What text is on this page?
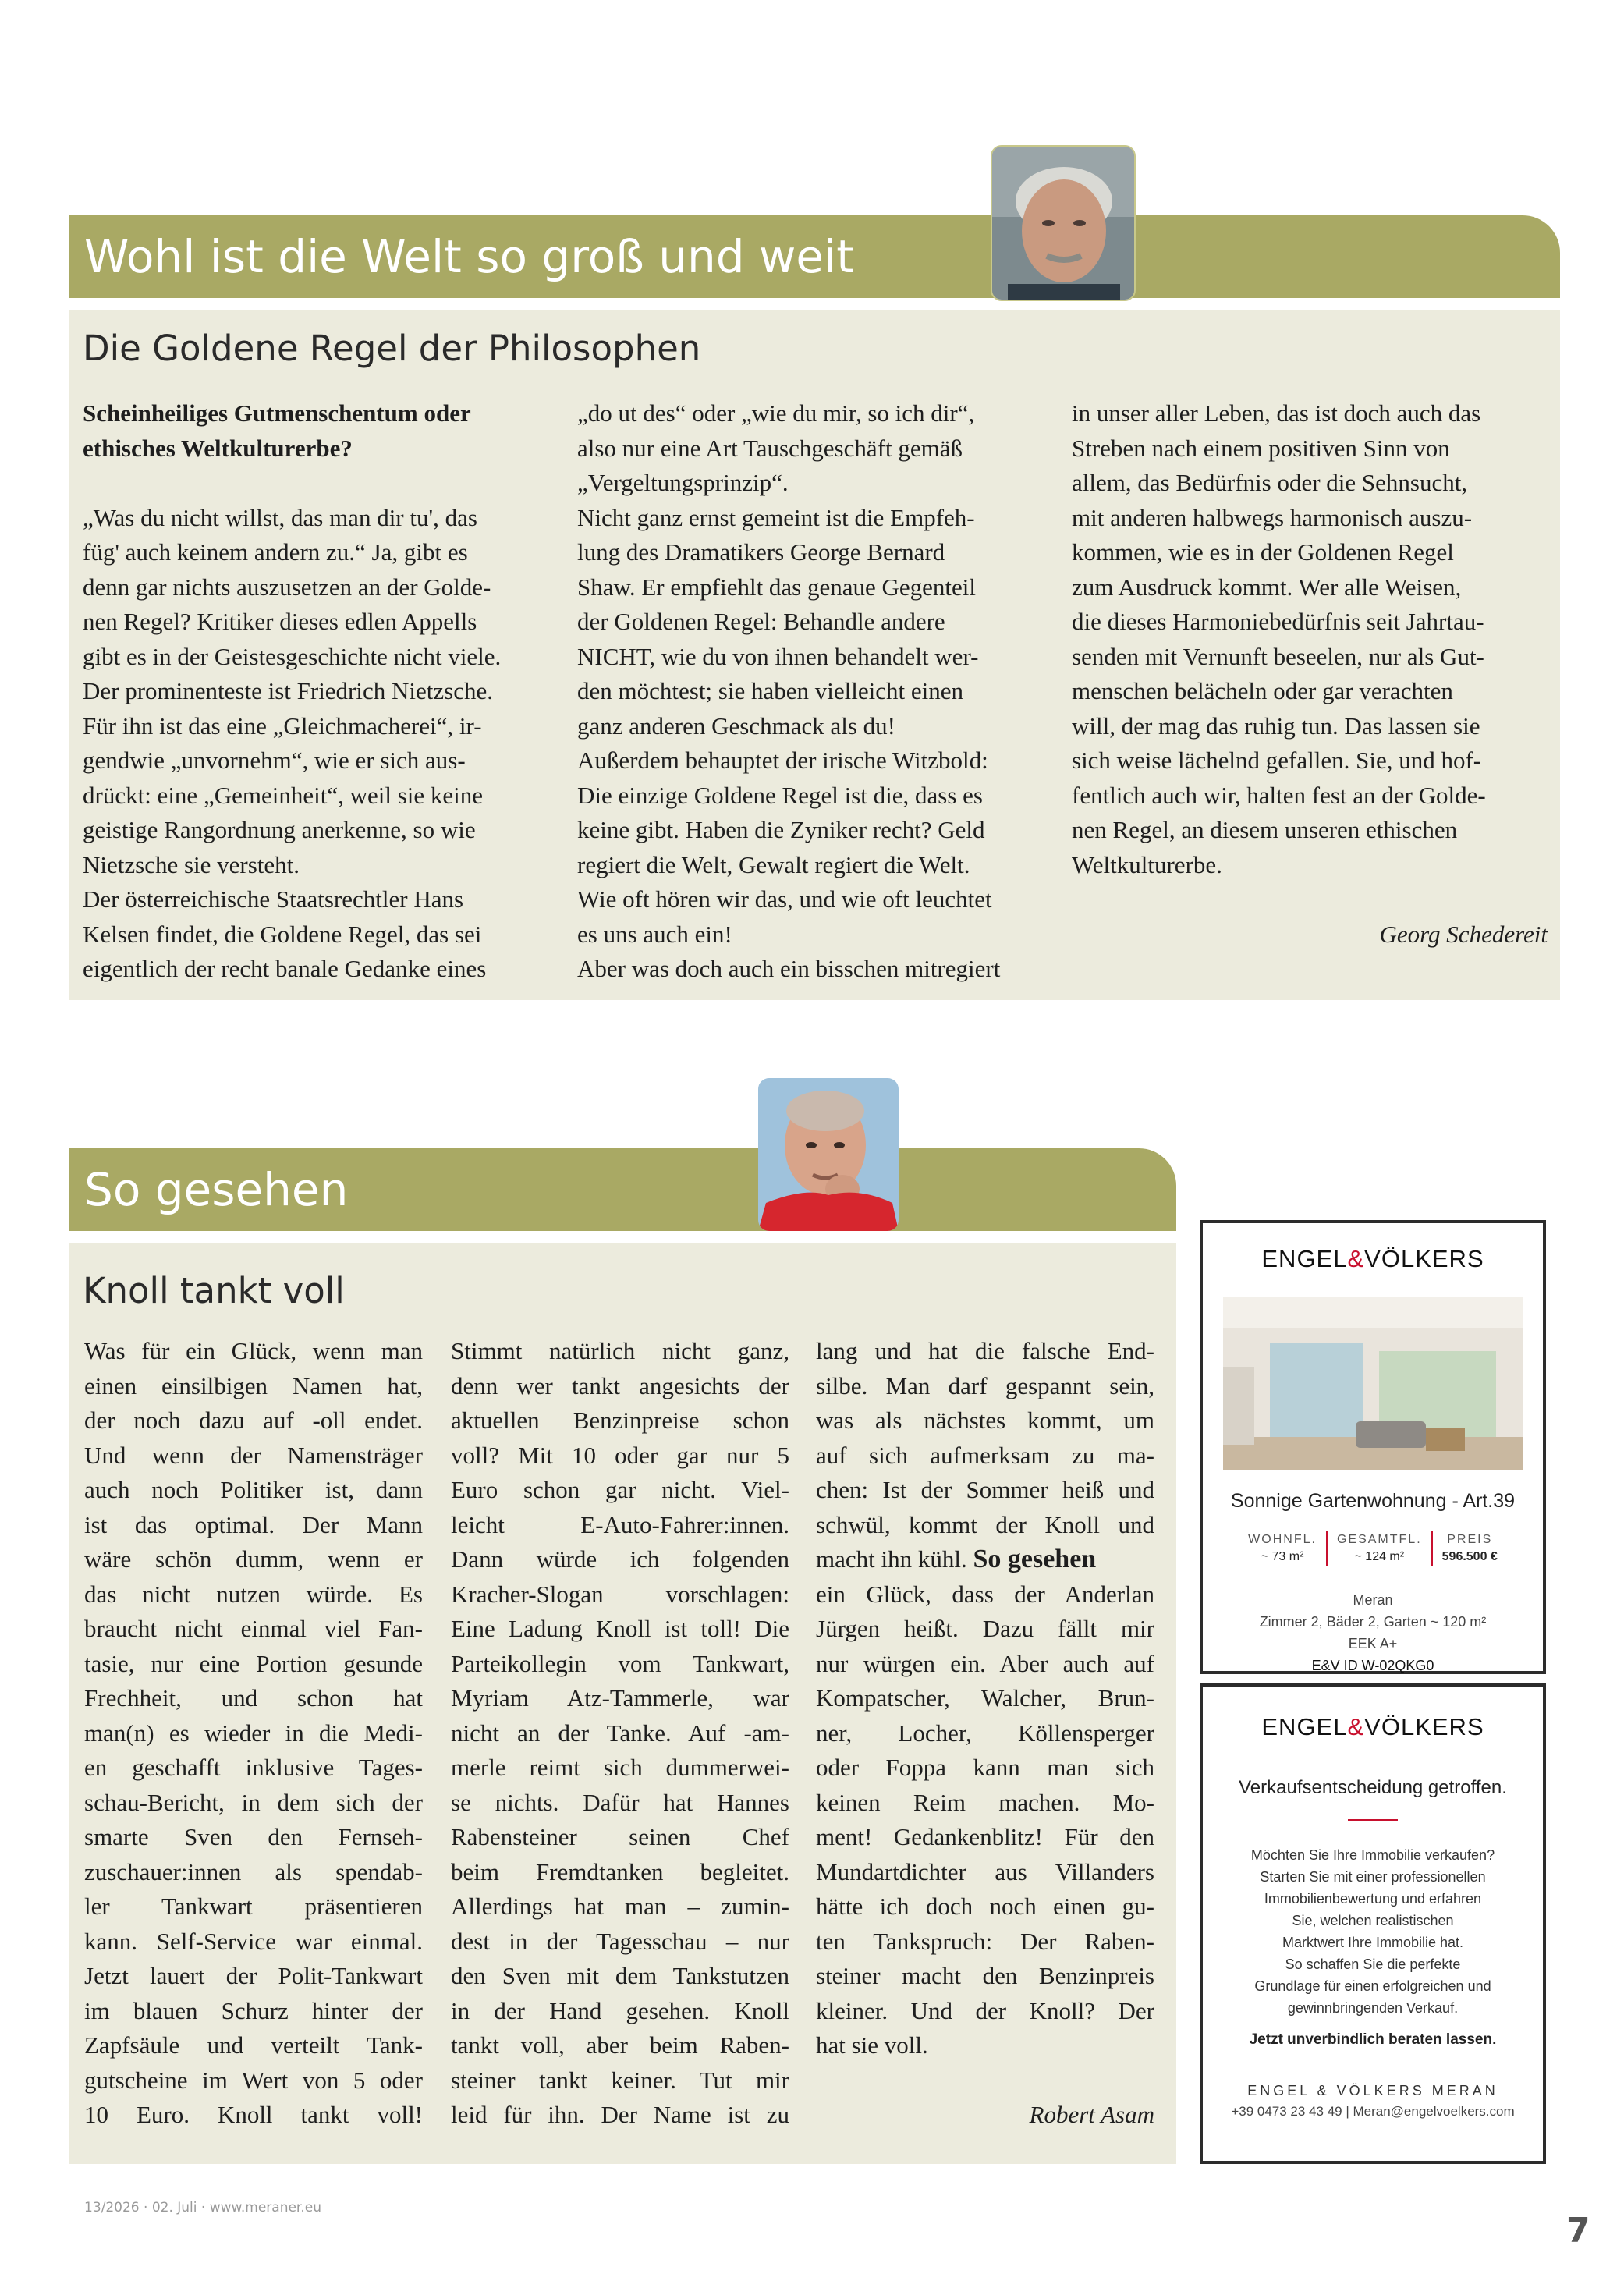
Wohl ist die Welt so groß und weit
Die Goldene Regel der Philosophen

Scheinheiliges Gutmenschentum oder ethisches Weltkulturerbe?

„Was du nicht willst, das man dir tu', das

füg' auch keinem andern zu.“ Ja, gibt es

denn gar nichts auszusetzen an der Golde-

nen Regel? Kritiker dieses edlen Appells

gibt es in der Geistesgeschichte nicht viele.

Der prominenteste ist Friedrich Nietzsche.

Für ihn ist das eine „Gleichmacherei“, ir-

gendwie „unvornehm“, wie er sich aus-

drückt: eine „Gemeinheit“, weil sie keine

geistige Rangordnung anerkenne, so wie

Nietzsche sie versteht.

Der österreichische Staatsrechtler Hans

Kelsen findet, die Goldene Regel, das sei

eigentlich der recht banale Gedanke eines

„do ut des“ oder „wie du mir, so ich dir“,

also nur eine Art Tauschgeschäft gemäß

„Vergeltungsprinzip“.

Nicht ganz ernst gemeint ist die Empfeh-

lung des Dramatikers George Bernard

Shaw. Er empfiehlt das genaue Gegenteil

der Goldenen Regel: Behandle andere

NICHT, wie du von ihnen behandelt wer-

den möchtest; sie haben vielleicht einen

ganz anderen Geschmack als du!

Außerdem behauptet der irische Witzbold:

Die einzige Goldene Regel ist die, dass es

keine gibt. Haben die Zyniker recht? Geld

regiert die Welt, Gewalt regiert die Welt.

Wie oft hören wir das, und wie oft leuchtet

es uns auch ein!

Aber was doch auch ein bisschen mitregiert

in unser aller Leben, das ist doch auch das

Streben nach einem positiven Sinn von

allem, das Bedürfnis oder die Sehnsucht,

mit anderen halbwegs harmonisch auszu-

kommen, wie es in der Goldenen Regel

zum Ausdruck kommt. Wer alle Weisen,

die dieses Harmoniebedürfnis seit Jahrtau-

senden mit Vernunft beseelen, nur als Gut-

menschen belächeln oder gar verachten

will, der mag das ruhig tun. Das lassen sie

sich weise lächelnd gefallen. Sie, und hof-

fentlich auch wir, halten fest an der Golde-

nen Regel, an diesem unseren ethischen

Weltkulturerbe.

Georg Schedereit

So gesehen
Knoll tankt voll

Was für ein Glück, wenn man

einen einsilbigen Namen hat,

der noch dazu auf -oll endet.

Und wenn der Namensträger

auch noch Politiker ist, dann

ist das optimal. Der Mann

wäre schön dumm, wenn er

das nicht nutzen würde. Es

braucht nicht einmal viel Fan-

tasie, nur eine Portion gesunde

Frechheit, und schon hat

man(n) es wieder in die Medi-

en geschafft inklusive Tages-

schau-Bericht, in dem sich der

smarte Sven den Fernseh-

zuschauer:innen als spendab-

ler Tankwart präsentieren

kann. Self-Service war einmal.

Jetzt lauert der Polit-Tankwart

im blauen Schurz hinter der

Zapfsäule und verteilt Tank-

gutscheine im Wert von 5 oder

10 Euro. Knoll tankt voll!

Stimmt natürlich nicht ganz,

denn wer tankt angesichts der

aktuellen Benzinpreise schon

voll? Mit 10 oder gar nur 5

Euro schon gar nicht. Viel-

leicht E-Auto-Fahrer:innen.

Dann würde ich folgenden

Kracher-Slogan vorschlagen:

Eine Ladung Knoll ist toll! Die

Parteikollegin vom Tankwart,

Myriam Atz-Tammerle, war

nicht an der Tanke. Auf -am-

merle reimt sich dummerwei-

se nichts. Dafür hat Hannes

Rabensteiner seinen Chef

beim Fremdtanken begleitet.

Allerdings hat man – zumin-

dest in der Tagesschau – nur

den Sven mit dem Tankstutzen

in der Hand gesehen. Knoll

tankt voll, aber beim Raben-

steiner tankt keiner. Tut mir

leid für ihn. Der Name ist zu

lang und hat die falsche End-

silbe. Man darf gespannt sein,

was als nächstes kommt, um

auf sich aufmerksam zu ma-

chen: Ist der Sommer heiß und

schwül, kommt der Knoll und

macht ihn kühl. So gesehen

ein Glück, dass der Anderlan

Jürgen heißt. Dazu fällt mir

nur würgen ein. Aber auch auf

Kompatscher, Walcher, Brun-

ner, Locher, Köllensperger

oder Foppa kann man sich

keinen Reim machen. Mo-

ment! Gedankenblitz! Für den

Mundartdichter aus Villanders

hätte ich doch noch einen gu-

ten Tankspruch: Der Raben-

steiner macht den Benzinpreis

kleiner. Und der Knoll? Der

hat sie voll.

Robert Asam

ENGEL&VÖLKERS
Sonnige Gartenwohnung - Art.39
WOHNFL.
~ 73 m²
GESAMTFL.
~ 124 m²
PREIS
596.500 €
Meran
Zimmer 2, Bäder 2, Garten ~ 120 m²
EEK A+
E&V ID W-02QKG0
ENGEL&VÖLKERS
Verkaufsentscheidung getroffen.
Möchten Sie Ihre Immobilie verkaufen?
Starten Sie mit einer professionellen
Immobilienbewertung und erfahren
Sie, welchen realistischen
Marktwert Ihre Immobilie hat.
So schaffen Sie die perfekte
Grundlage für einen erfolgreichen und
gewinnbringenden Verkauf.
Jetzt unverbindlich beraten lassen.
ENGEL & VÖLKERS MERAN
+39 0473 23 43 49 | Meran@engelvoelkers.com
13/2026 · 02. Juli · www.meraner.eu
7
